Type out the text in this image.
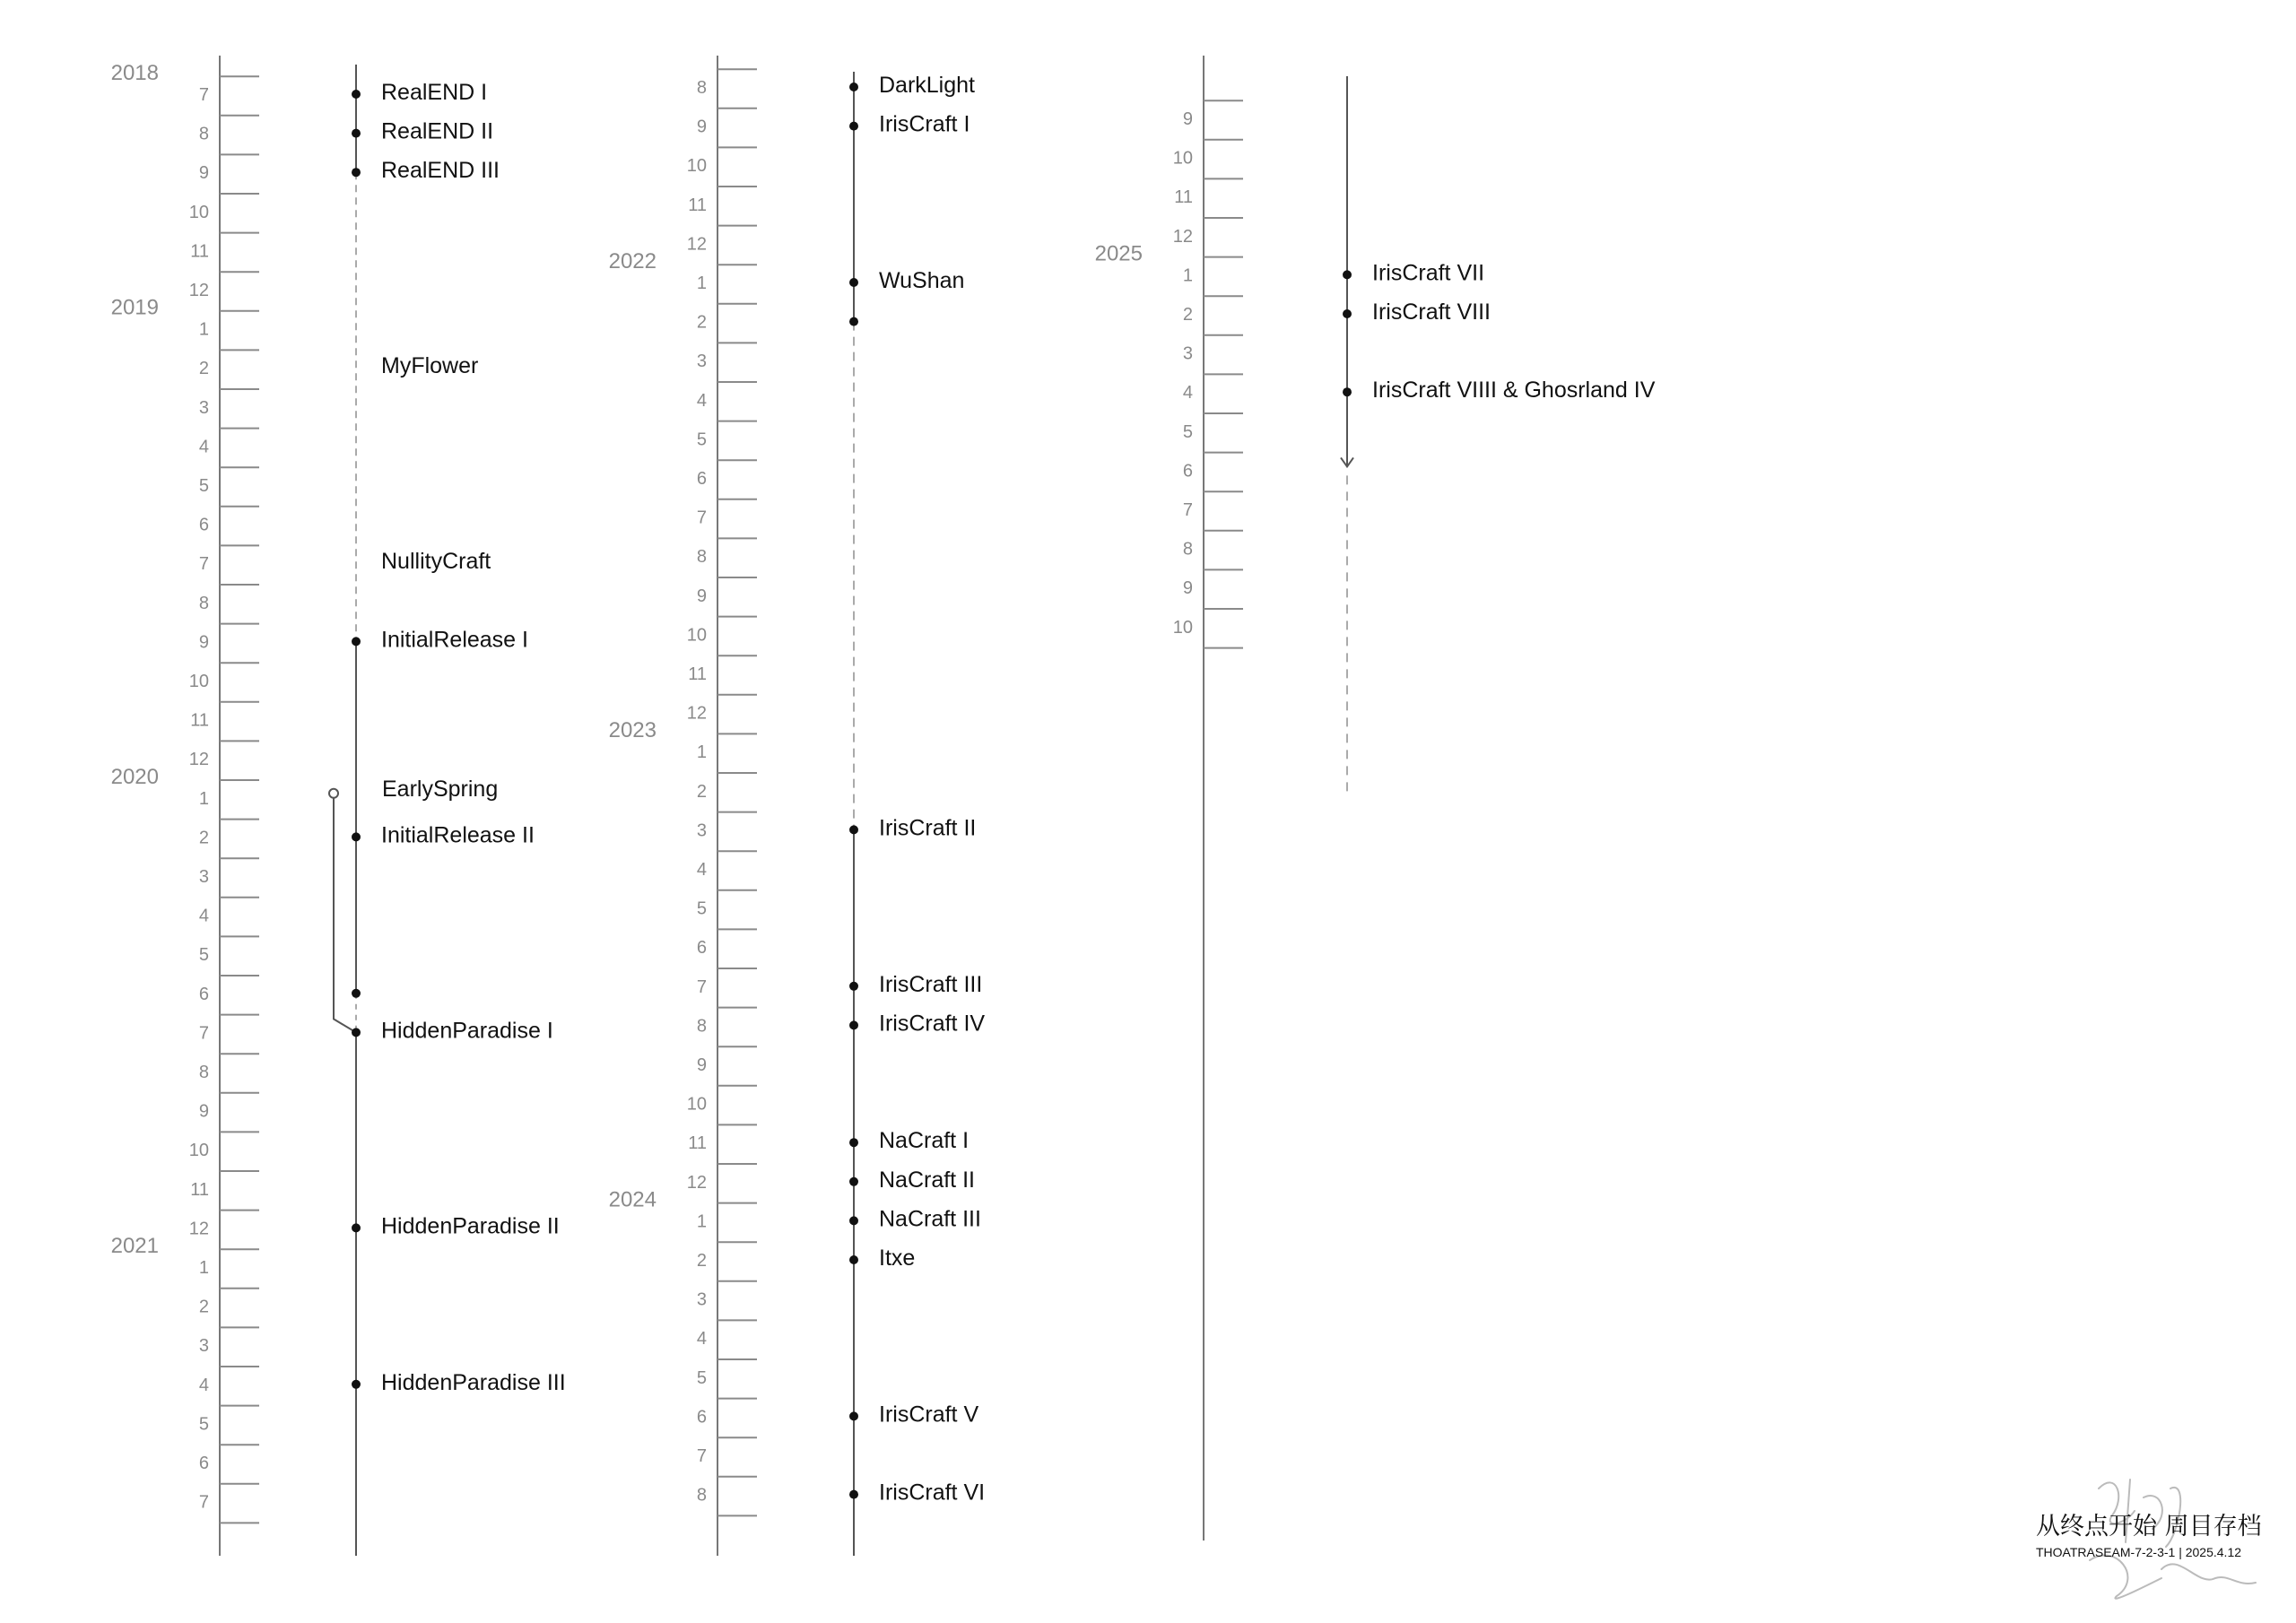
7
8
9
10
11
12
1
2
3
4
5
6
7
8
9
10
11
12
1
2
3
4
5
6
7
8
9
10
11
12
1
2
3
4
5
6
7
2018
2019
2020
2021
RealEND I
RealEND II
RealEND III
MyFlower
NullityCraft
InitialRelease I
EarlySpring
InitialRelease II
HiddenParadise I
HiddenParadise II
HiddenParadise III
8
9
10
11
12
1
2
3
4
5
6
7
8
9
10
11
12
1
2
3
4
5
6
7
8
9
10
11
12
1
2
3
4
5
6
7
8
2022
2023
2024
DarkLight
IrisCraft I
WuShan
IrisCraft II
IrisCraft III
IrisCraft IV
NaCraft I
NaCraft II
NaCraft III
Itxe
IrisCraft V
IrisCraft VI
9
10
11
12
1
2
3
4
5
6
7
8
9
10
2025
IrisCraft VII
IrisCraft VIII
IrisCraft VIIII & Ghosrland IV
从终点开始 周目存档
THOATRASEAM-7-2-3-1 | 2025.4.12
